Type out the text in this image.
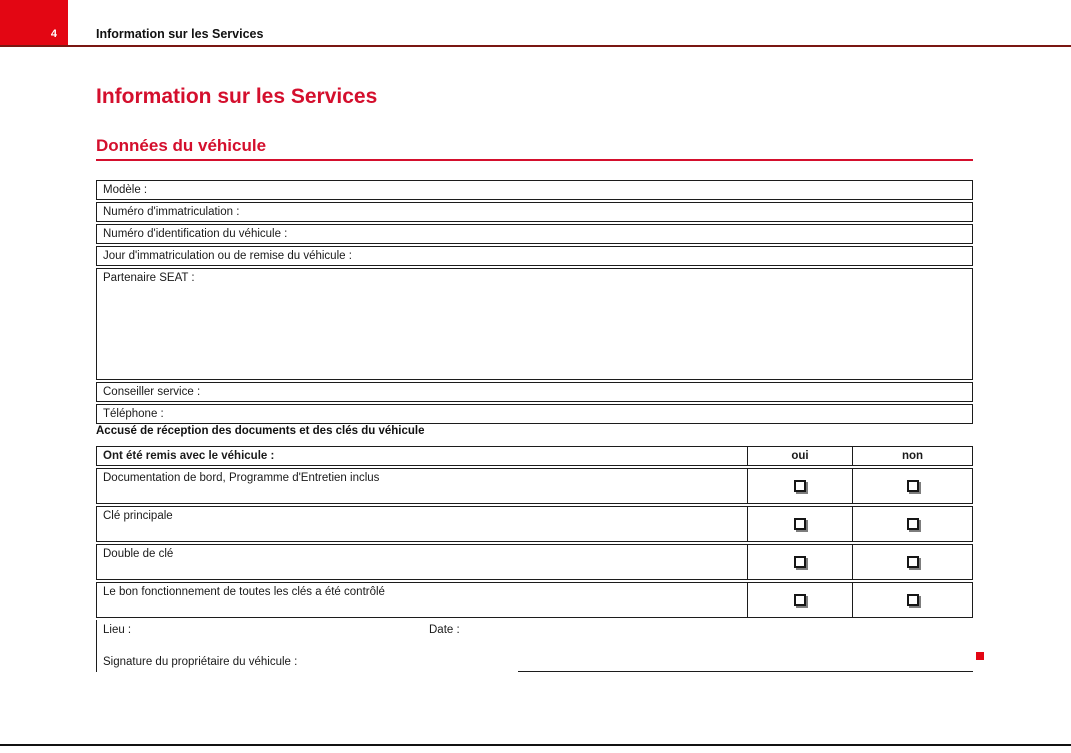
4	Information sur les Services
Information sur les Services
Données du véhicule
Modèle :
Numéro d'immatriculation :
Numéro d'identification du véhicule :
Jour d'immatriculation ou de remise du véhicule :
Partenaire SEAT :
Conseiller service :
Téléphone :
Accusé de réception des documents et des clés du véhicule
Ont été remis avec le véhicule :	oui	non
Documentation de bord, Programme d'Entretien inclus
Clé principale
Double de clé
Le bon fonctionnement de toutes les clés a été contrôlé
Lieu :	Date :
Signature du propriétaire du véhicule :
